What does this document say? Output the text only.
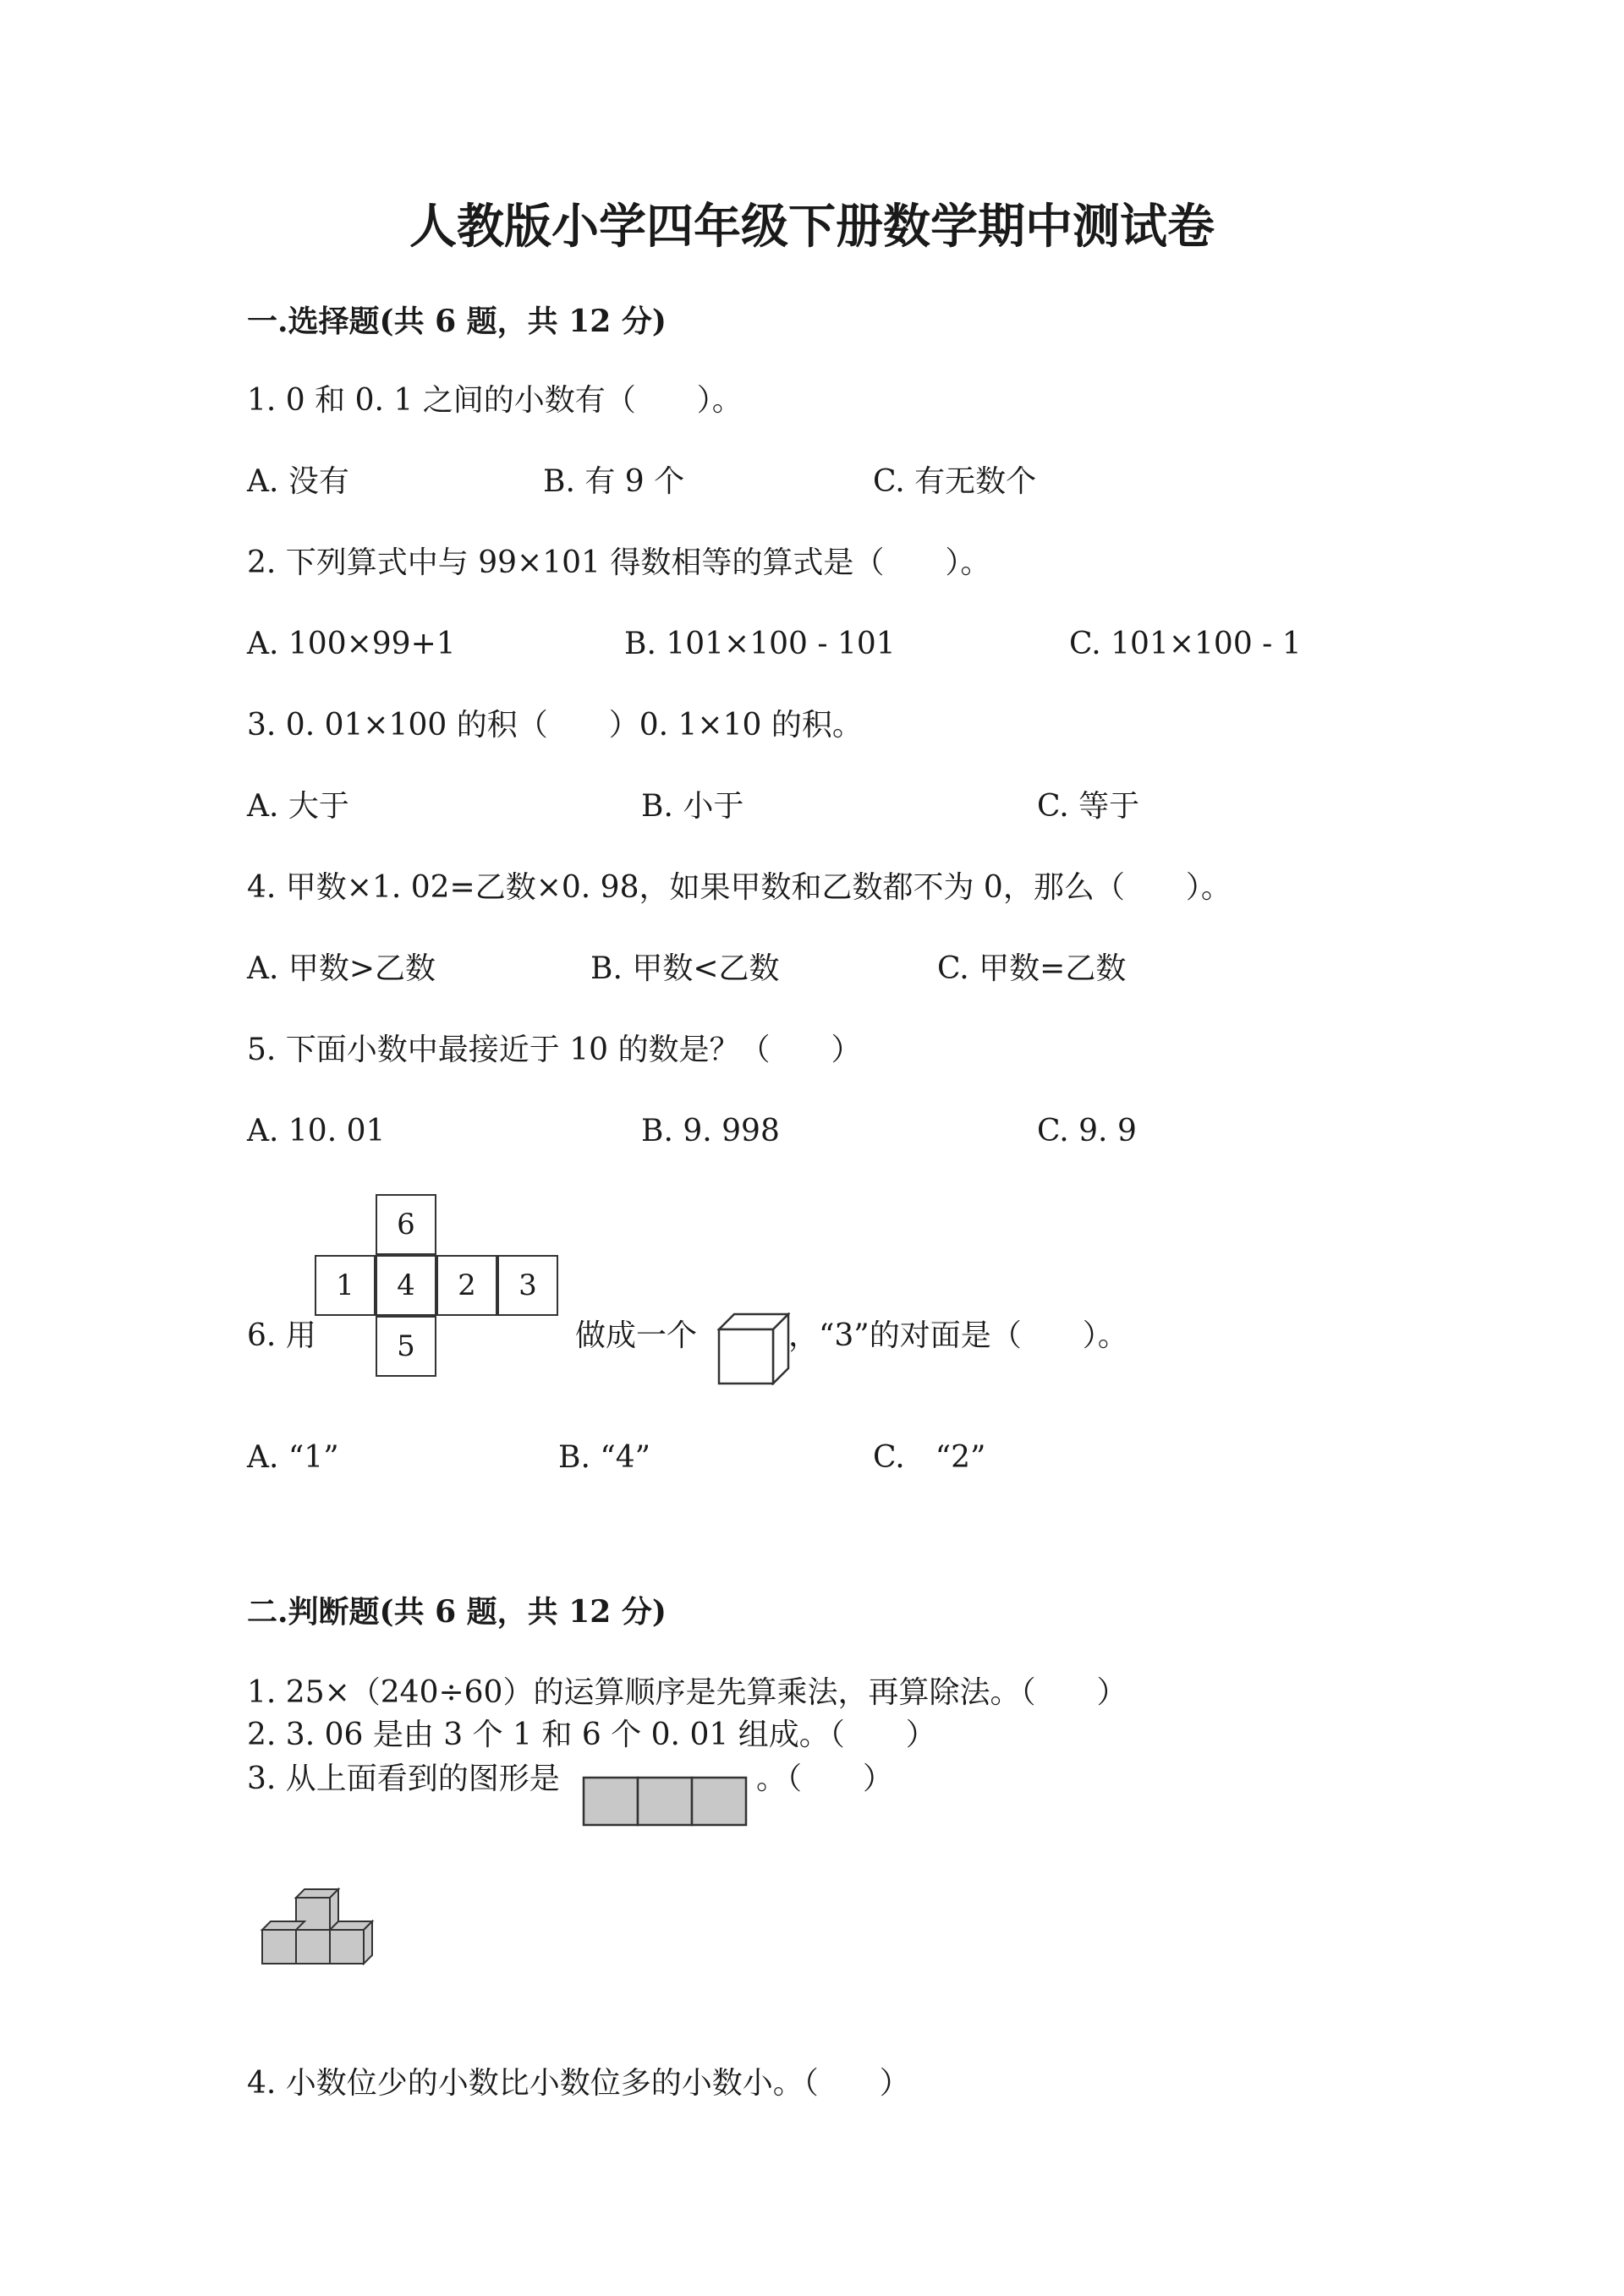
人教版小学四年级下册数学期中测试卷
一.选择题(共 6 题，共 12 分)
1. 0 和 0. 1 之间的小数有（　　）。
A. 没有	B. 有 9 个	C. 有无数个
2. 下列算式中与 99×101 得数相等的算式是（　　）。
A. 100×99+1	B. 101×100 - 101	C. 101×100 - 1
3. 0. 01×100 的积（　　）0. 1×10 的积。
A. 大于	B. 小于	C. 等于
4. 甲数×1. 02=乙数×0. 98，如果甲数和乙数都不为 0，那么（　　）。
A. 甲数>乙数	B. 甲数<乙数	C. 甲数=乙数
5. 下面小数中最接近于 10 的数是？（　　）
A. 10. 01	B. 9. 998	C. 9. 9
6. 用
6
1	4	2	3
5	做成一个	，“3”的对面是（　　）。
A. “1”	B. “4”	C.　“2”
二.判断题(共 6 题，共 12 分)
1. 25×（240÷60）的运算顺序是先算乘法，再算除法。（　　）
2. 3. 06 是由 3 个 1 和 6 个 0. 01 组成。（　　）
3. 从上面看到的图形是	。（　　）
4. 小数位少的小数比小数位多的小数小。（　　）
